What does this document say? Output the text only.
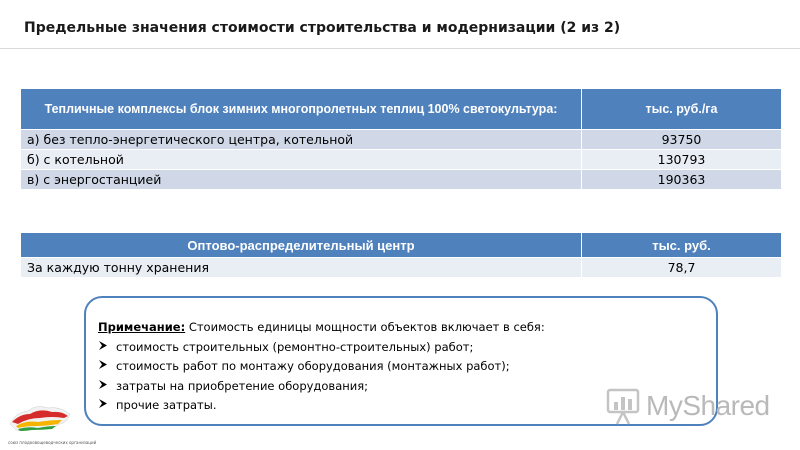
Предельные значения стоимости строительства и модернизации (2 из 2)
Тепличные комплексы блок зимних многопролетных теплиц 100% светокультура:	тыс. руб./га
а) без тепло-энергетического центра, котельной	93750
б) с котельной	130793
в) с энергостанцией	190363
Оптово-распределительный центр	тыс. руб.
За каждую тонну хранения	78,7
Примечание: Стоимость единицы мощности объектов включает в себя:
стоимость строительных (ремонтно-строительных) работ;
стоимость работ по монтажу оборудования (монтажных работ);
затраты на приобретение оборудования;
прочие затраты.
союз плодоовощеводческих организаций
MyShared
